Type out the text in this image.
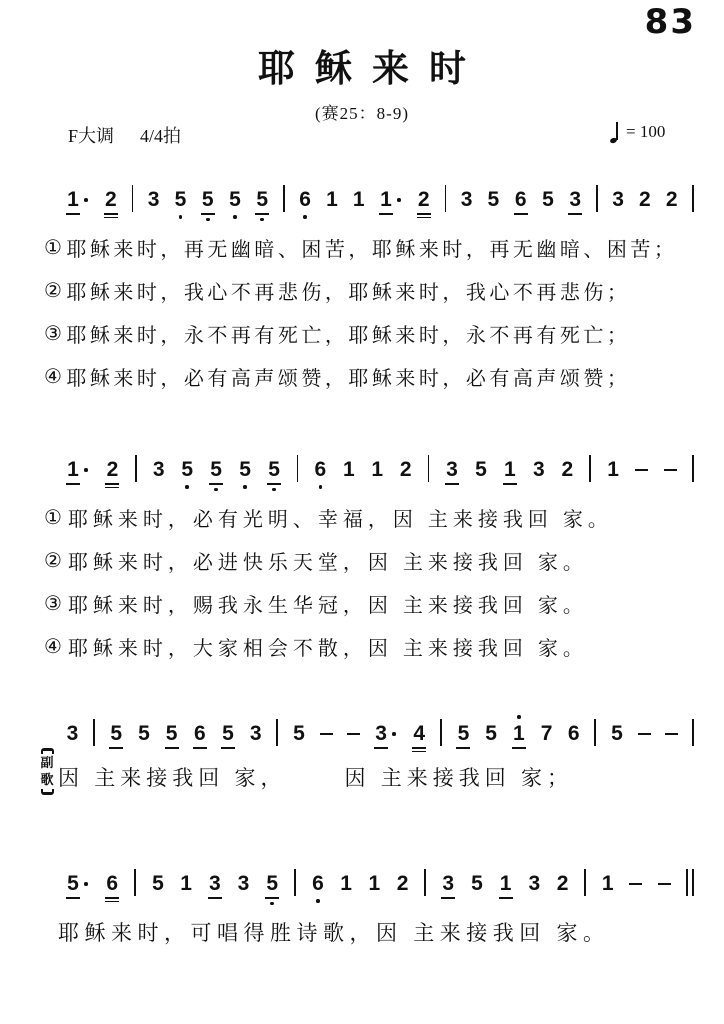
83
耶稣来时
(赛25：8-9)
F大调 4/4拍	= 100
1 2 3 5 5 5 5 6 1 1 1 2 3 5 6 5 3 3 2 2
① 耶稣来时，再无幽暗、困苦，耶稣来时，再无幽暗、困苦；
② 耶稣来时，我心不再悲伤，耶稣来时，我心不再悲伤；
③ 耶稣来时，永不再有死亡，耶稣来时，永不再有死亡；
④ 耶稣来时，必有高声颂赞，耶稣来时，必有高声颂赞；
1 2 3 5 5 5 5 6 1 1 2 3 5 1 3 2 1
① 耶稣来时，必有光明、幸福，因 主来接我回 家。
② 耶稣来时，必进快乐天堂，因 主来接我回 家。
③ 耶稣来时，赐我永生华冠，因 主来接我回 家。
④ 耶稣来时，大家相会不散，因 主来接我回 家。
3 5 5 5 6 5 3 5	3 4 5 5 1 7 6 5
副
歌 因 主来接我回 家，	因 主来接我回 家；
5 6 5 1 3 3 5 6 1 1 2 3 5 1 3 2 1
耶稣来时，可唱得胜诗歌，因 主来接我回 家。
